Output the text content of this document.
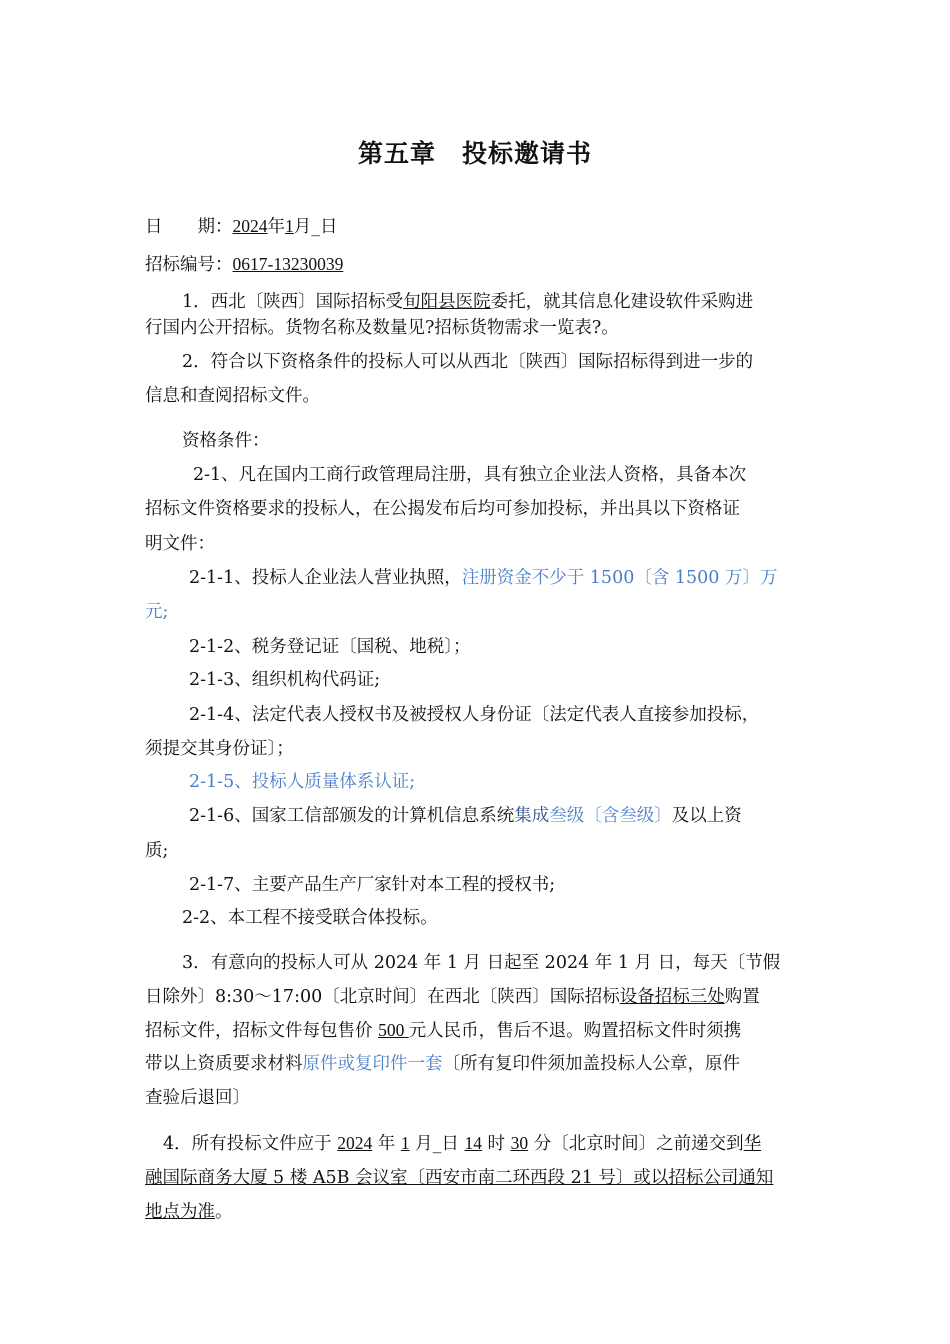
第五章 投标邀请书
日　　期：2024年1月_日
招标编号：0617-13230039
1．西北〔陕西〕国际招标受旬阳县医院委托，就其信息化建设软件采购进
行国内公开招标。货物名称及数量见?招标货物需求一览表?。
2．符合以下资格条件的投标人可以从西北〔陕西〕国际招标得到进一步的
信息和查阅招标文件。
资格条件：
2-1、凡在国内工商行政管理局注册，具有独立企业法人资格，具备本次
招标文件资格要求的投标人，在公揭发布后均可参加投标，并出具以下资格证
明文件：
2-1-1、投标人企业法人营业执照，注册资金不少于 1500〔含 1500 万〕万
元;
2-1-2、税务登记证〔国税、地税〕；
2-1-3、组织机构代码证;
2-1-4、法定代表人授权书及被授权人身份证〔法定代表人直接参加投标，
须提交其身份证〕；
2-1-5、投标人质量体系认证;
2-1-6、国家工信部颁发的计算机信息系统集成叁级〔含叁级〕及以上资
质;
2-1-7、主要产品生产厂家针对本工程的授权书;
2-2、本工程不接受联合体投标。
3．有意向的投标人可从 2024 年 1 月 日起至 2024 年 1 月 日，每天〔节假
日除外〕8:30～17:00〔北京时间〕在西北〔陕西〕国际招标设备招标三处购置
招标文件，招标文件每包售价 500 元人民币，售后不退。购置招标文件时须携
带以上资质要求材料原件或复印件一套〔所有复印件须加盖投标人公章，原件
查验后退回〕
4．所有投标文件应于 2024 年 1 月_日 14 时 30 分〔北京时间〕之前递交到华
融国际商务大厦 5 楼 A5B 会议室〔西安市南二环西段 21 号〕或以招标公司通知
地点为准。
